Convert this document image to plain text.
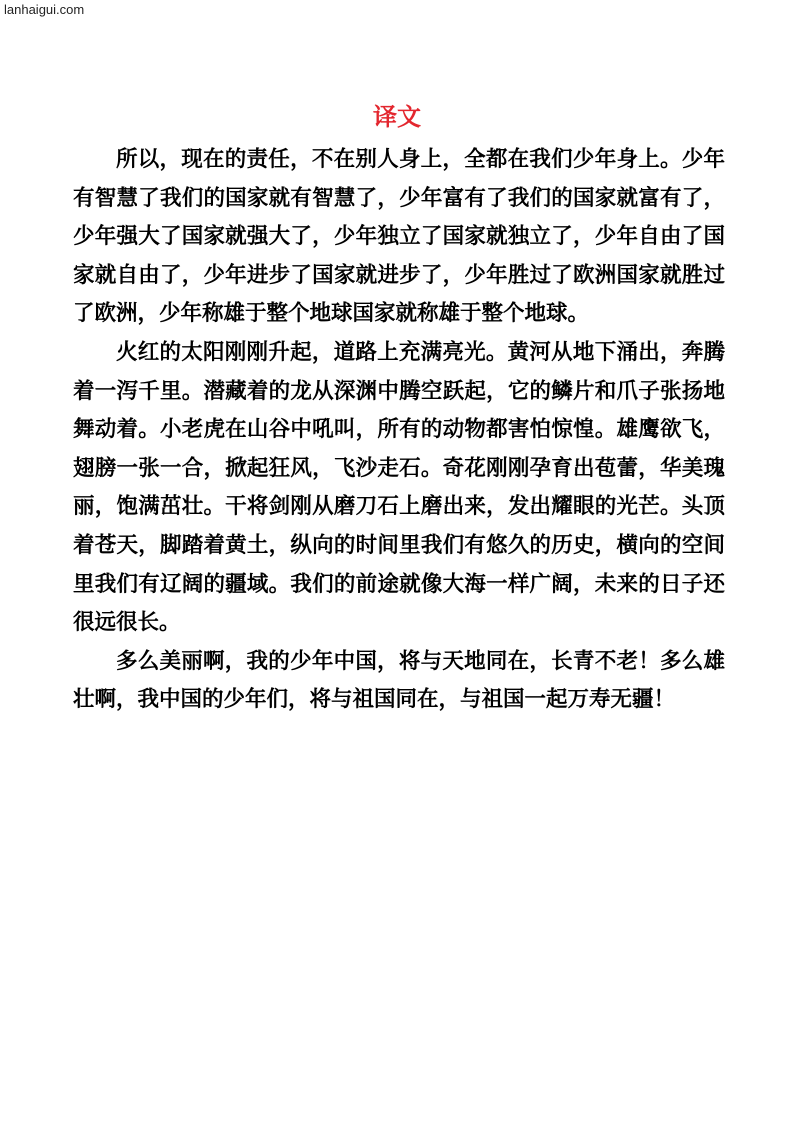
lanhaigui.com
译文

所以，现在的责任，不在别人身上，全都在我们少年身上。少年有智慧了我们的国家就有智慧了，少年富有了我们的国家就富有了，少年强大了国家就强大了，少年独立了国家就独立了，少年自由了国家就自由了，少年进步了国家就进步了，少年胜过了欧洲国家就胜过了欧洲，少年称雄于整个地球国家就称雄于整个地球。

火红的太阳刚刚升起，道路上充满亮光。黄河从地下涌出，奔腾着一泻千里。潜藏着的龙从深渊中腾空跃起，它的鳞片和爪子张扬地舞动着。小老虎在山谷中吼叫，所有的动物都害怕惊惶。雄鹰欲飞，翅膀一张一合，掀起狂风，飞沙走石。奇花刚刚孕育出苞蕾，华美瑰丽，饱满茁壮。干将剑刚从磨刀石上磨出来，发出耀眼的光芒。头顶着苍天，脚踏着黄土，纵向的时间里我们有悠久的历史，横向的空间里我们有辽阔的疆域。我们的前途就像大海一样广阔，未来的日子还很远很长。

多么美丽啊，我的少年中国，将与天地同在，长青不老！多么雄壮啊，我中国的少年们，将与祖国同在，与祖国一起万寿无疆！
